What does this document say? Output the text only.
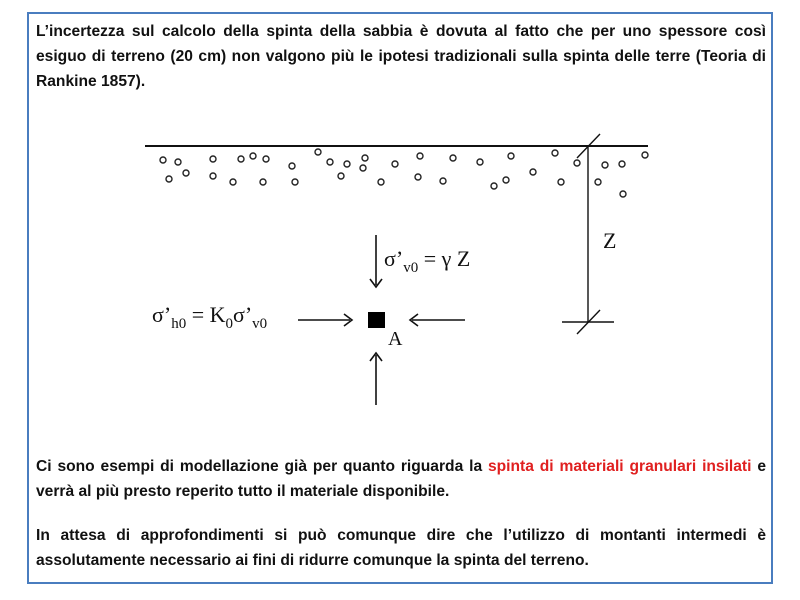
L’incertezza sul calcolo della spinta della sabbia è dovuta al fatto che per uno spessore così esiguo di terreno (20 cm) non valgono più le ipotesi tradizionali sulla spinta delle terre (Teoria di Rankine 1857).

Ci sono esempi di modellazione già per quanto riguarda la spinta di materiali granulari insilati e verrà al più presto reperito tutto il materiale disponibile.

In attesa di approfondimenti si può comunque dire che l’utilizzo di montanti intermedi è assolutamente necessario ai fini di ridurre comunque la spinta del terreno.

Z
A
$\sigma’_{v0} = \gamma$ Z
$\sigma’_{h0}$ = $K_0\sigma’_{v0}$
